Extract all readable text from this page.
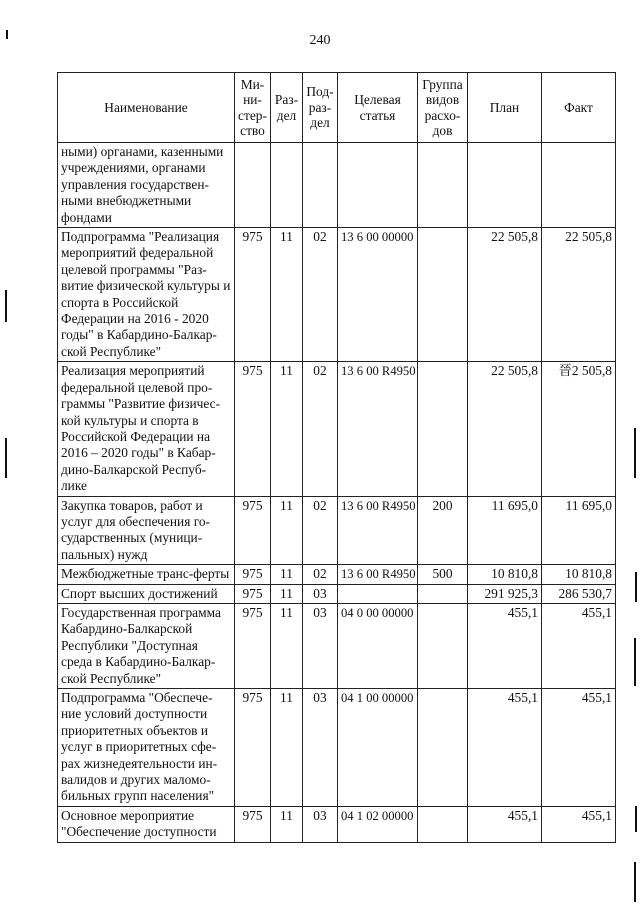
240
Наименование	Ми-ни-стер-ство	Раз-дел	Под-раз-дел	Целевая статья	Группа видов расхо-дов	План	Факт
ными) органами, казенными учреждениями, органами управления государствен-ными внебюджетными фондами							
Подпрограмма "Реализация мероприятий федеральной целевой программы "Раз-витие физической культуры и спорта в Российской Федерации на 2016 - 2020 годы" в Кабардино-Балкар-ской Республике"	975	11	02	13 6 00 00000		22 505,8	22 505,8
Реализация мероприятий федеральной целевой про-граммы "Развитие физичес-кой культуры и спорта в Российской Федерации на 2016 – 2020 годы" в Кабар-дино-Балкарской Респуб-лике	975	11	02	13 6 00 R4950		22 505,8	晉2 505,8
Закупка товаров, работ и услуг для обеспечения го-сударственных (муници-пальных) нужд	975	11	02	13 6 00 R4950	200	11 695,0	11 695,0
Межбюджетные транс-ферты	975	11	02	13 6 00 R4950	500	10 810,8	10 810,8
Спорт высших достижений	975	11	03			291 925,3	286 530,7
Государственная программа Кабардино-Балкарской Республики "Доступная среда в Кабардино-Балкар-ской Республике"	975	11	03	04 0 00 00000		455,1	455,1
Подпрограмма "Обеспече-ние условий доступности приоритетных объектов и услуг в приоритетных сфе-рах жизнедеятельности ин-валидов и других маломо-бильных групп населения"	975	11	03	04 1 00 00000		455,1	455,1
Основное мероприятие "Обеспечение доступности	975	11	03	04 1 02 00000		455,1	455,1
